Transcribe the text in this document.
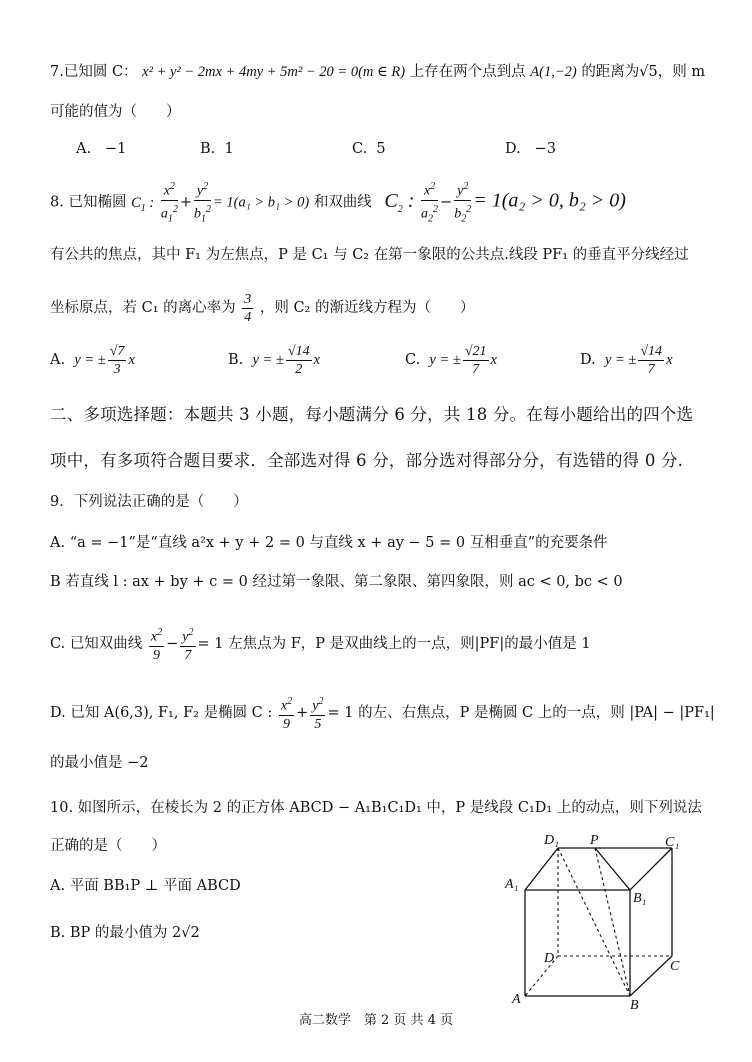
7.已知圆 C： x² + y² − 2mx + 4my + 5m² − 20 = 0(m ∈ R) 上存在两个点到点 A(1,−2) 的距离为√5，则 m
可能的值为（　　）
A. −1	B. 1	C. 5	D. −3
8. 已知椭圆 $C_1$ : $\frac{x^2}{a_1^2} + \frac{y^2}{b_1^2} = 1(a_1 > b_1 > 0)$ 和双曲线 $C_2$ : $\frac{x^2}{a_2^2} - \frac{y^2}{b_2^2} = 1(a_2 > 0$, b₂ > 0)
有公共的焦点，其中 F₁ 为左焦点，P 是 C₁ 与 C₂ 在第一象限的公共点.线段 PF₁ 的垂直平分线经过
坐标原点，若 C₁ 的离心率为 $\frac{3}{4}$ ，则 C₂ 的渐近线方程为（　　）
A. y = ± $\frac{√7}{3}$ x	B. y = ± $\frac{√14}{2}$ x	C. y = ± $\frac{√21}{7}$ x	D. y = ± $\frac{√14}{7}$ x
二、多项选择题：本题共 3 小题，每小题满分 6 分，共 18 分。在每小题给出的四个选
项中，有多项符合题目要求．全部选对得 6 分，部分选对得部分分，有选错的得 0 分.
9．下列说法正确的是（　　）
A. “a = −1”是“直线 a²x + y + 2 = 0 与直线 x + ay − 5 = 0 互相垂直”的充要条件
B 若直线 l : ax + by + c = 0 经过第一象限、第二象限、第四象限，则 ac < 0, bc < 0
C. 已知双曲线 $\frac{x^2}{9} - \frac{y^2}{7} = 1$ 左焦点为 F，P 是双曲线上的一点，则|PF|的最小值是 1
D. 已知 A(6,3), F₁, F₂ 是椭圆 C : $\frac{x^2}{9} + \frac{y^2}{5} = 1$ 的左、右焦点，P 是椭圆 C 上的一点，则 |PA| − |PF₁|
的最小值是 −2
10. 如图所示，在棱长为 2 的正方体 ABCD − A₁B₁C₁D₁ 中，P 是线段 C₁D₁ 上的动点，则下列说法
正确的是（　　）
A. 平面 BB₁P ⊥ 平面 ABCD
B. BP 的最小值为 2√2
D₁ P	C₁
A₁
B₁
D
C
A	B
高二数学　第 2 页 共 4 页
